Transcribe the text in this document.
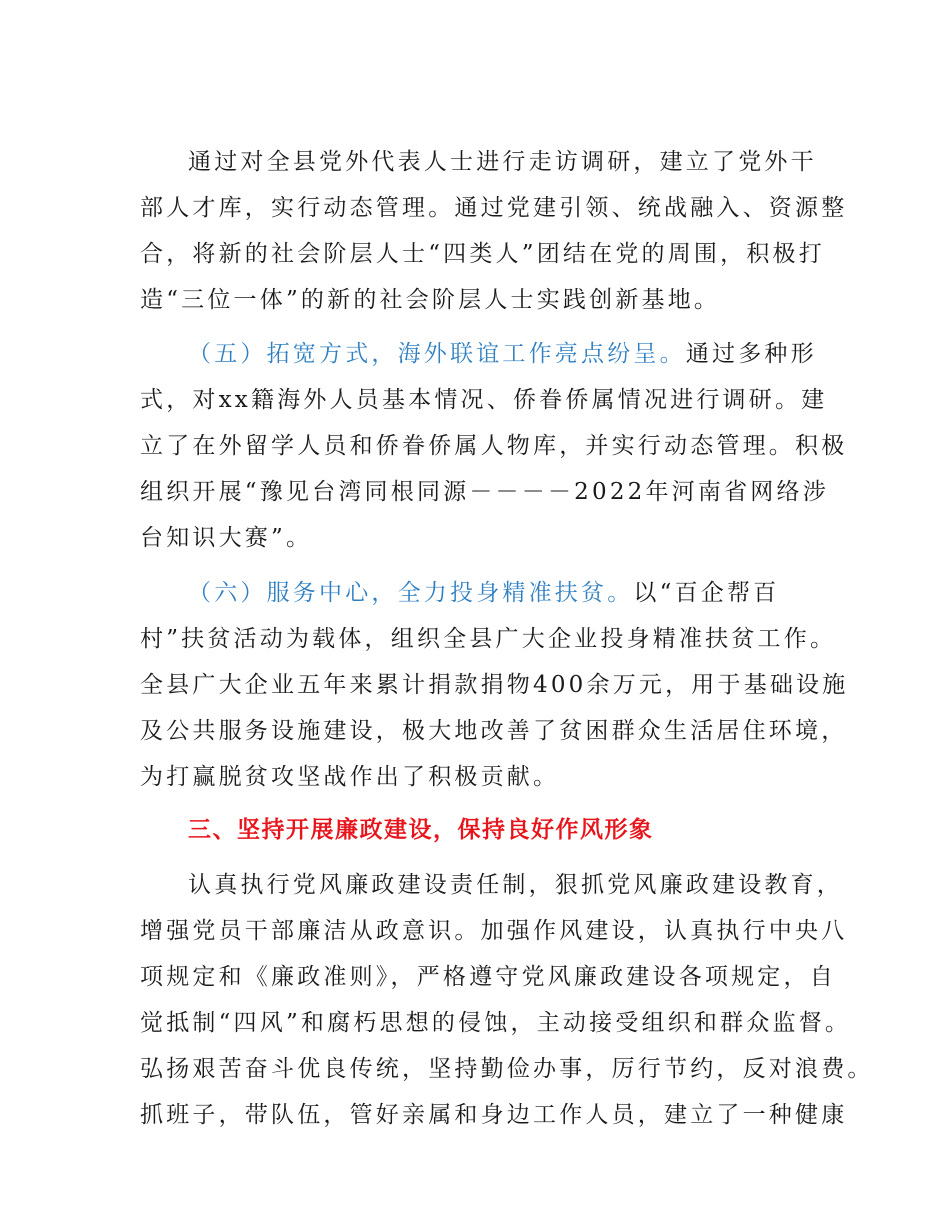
通过对全县党外代表人士进行走访调研，建立了党外干
部人才库，实行动态管理。通过党建引领、统战融入、资源整
合，将新的社会阶层人士“四类人”团结在党的周围，积极打
造“三位一体”的新的社会阶层人士实践创新基地。
（五）拓宽方式，海外联谊工作亮点纷呈。通过多种形
式，对xx籍海外人员基本情况、侨眷侨属情况进行调研。建
立了在外留学人员和侨眷侨属人物库，并实行动态管理。积极
组织开展“豫见台湾同根同源－－－－2022年河南省网络涉
台知识大赛”。
（六）服务中心，全力投身精准扶贫。以“百企帮百
村”扶贫活动为载体，组织全县广大企业投身精准扶贫工作。
全县广大企业五年来累计捐款捐物400余万元，用于基础设施
及公共服务设施建设，极大地改善了贫困群众生活居住环境，
为打赢脱贫攻坚战作出了积极贡献。
三、坚持开展廉政建设，保持良好作风形象
认真执行党风廉政建设责任制，狠抓党风廉政建设教育，
增强党员干部廉洁从政意识。加强作风建设，认真执行中央八
项规定和《廉政准则》，严格遵守党风廉政建设各项规定，自
觉抵制“四风”和腐朽思想的侵蚀，主动接受组织和群众监督。
弘扬艰苦奋斗优良传统，坚持勤俭办事，厉行节约，反对浪费。
抓班子，带队伍，管好亲属和身边工作人员，建立了一种健康
